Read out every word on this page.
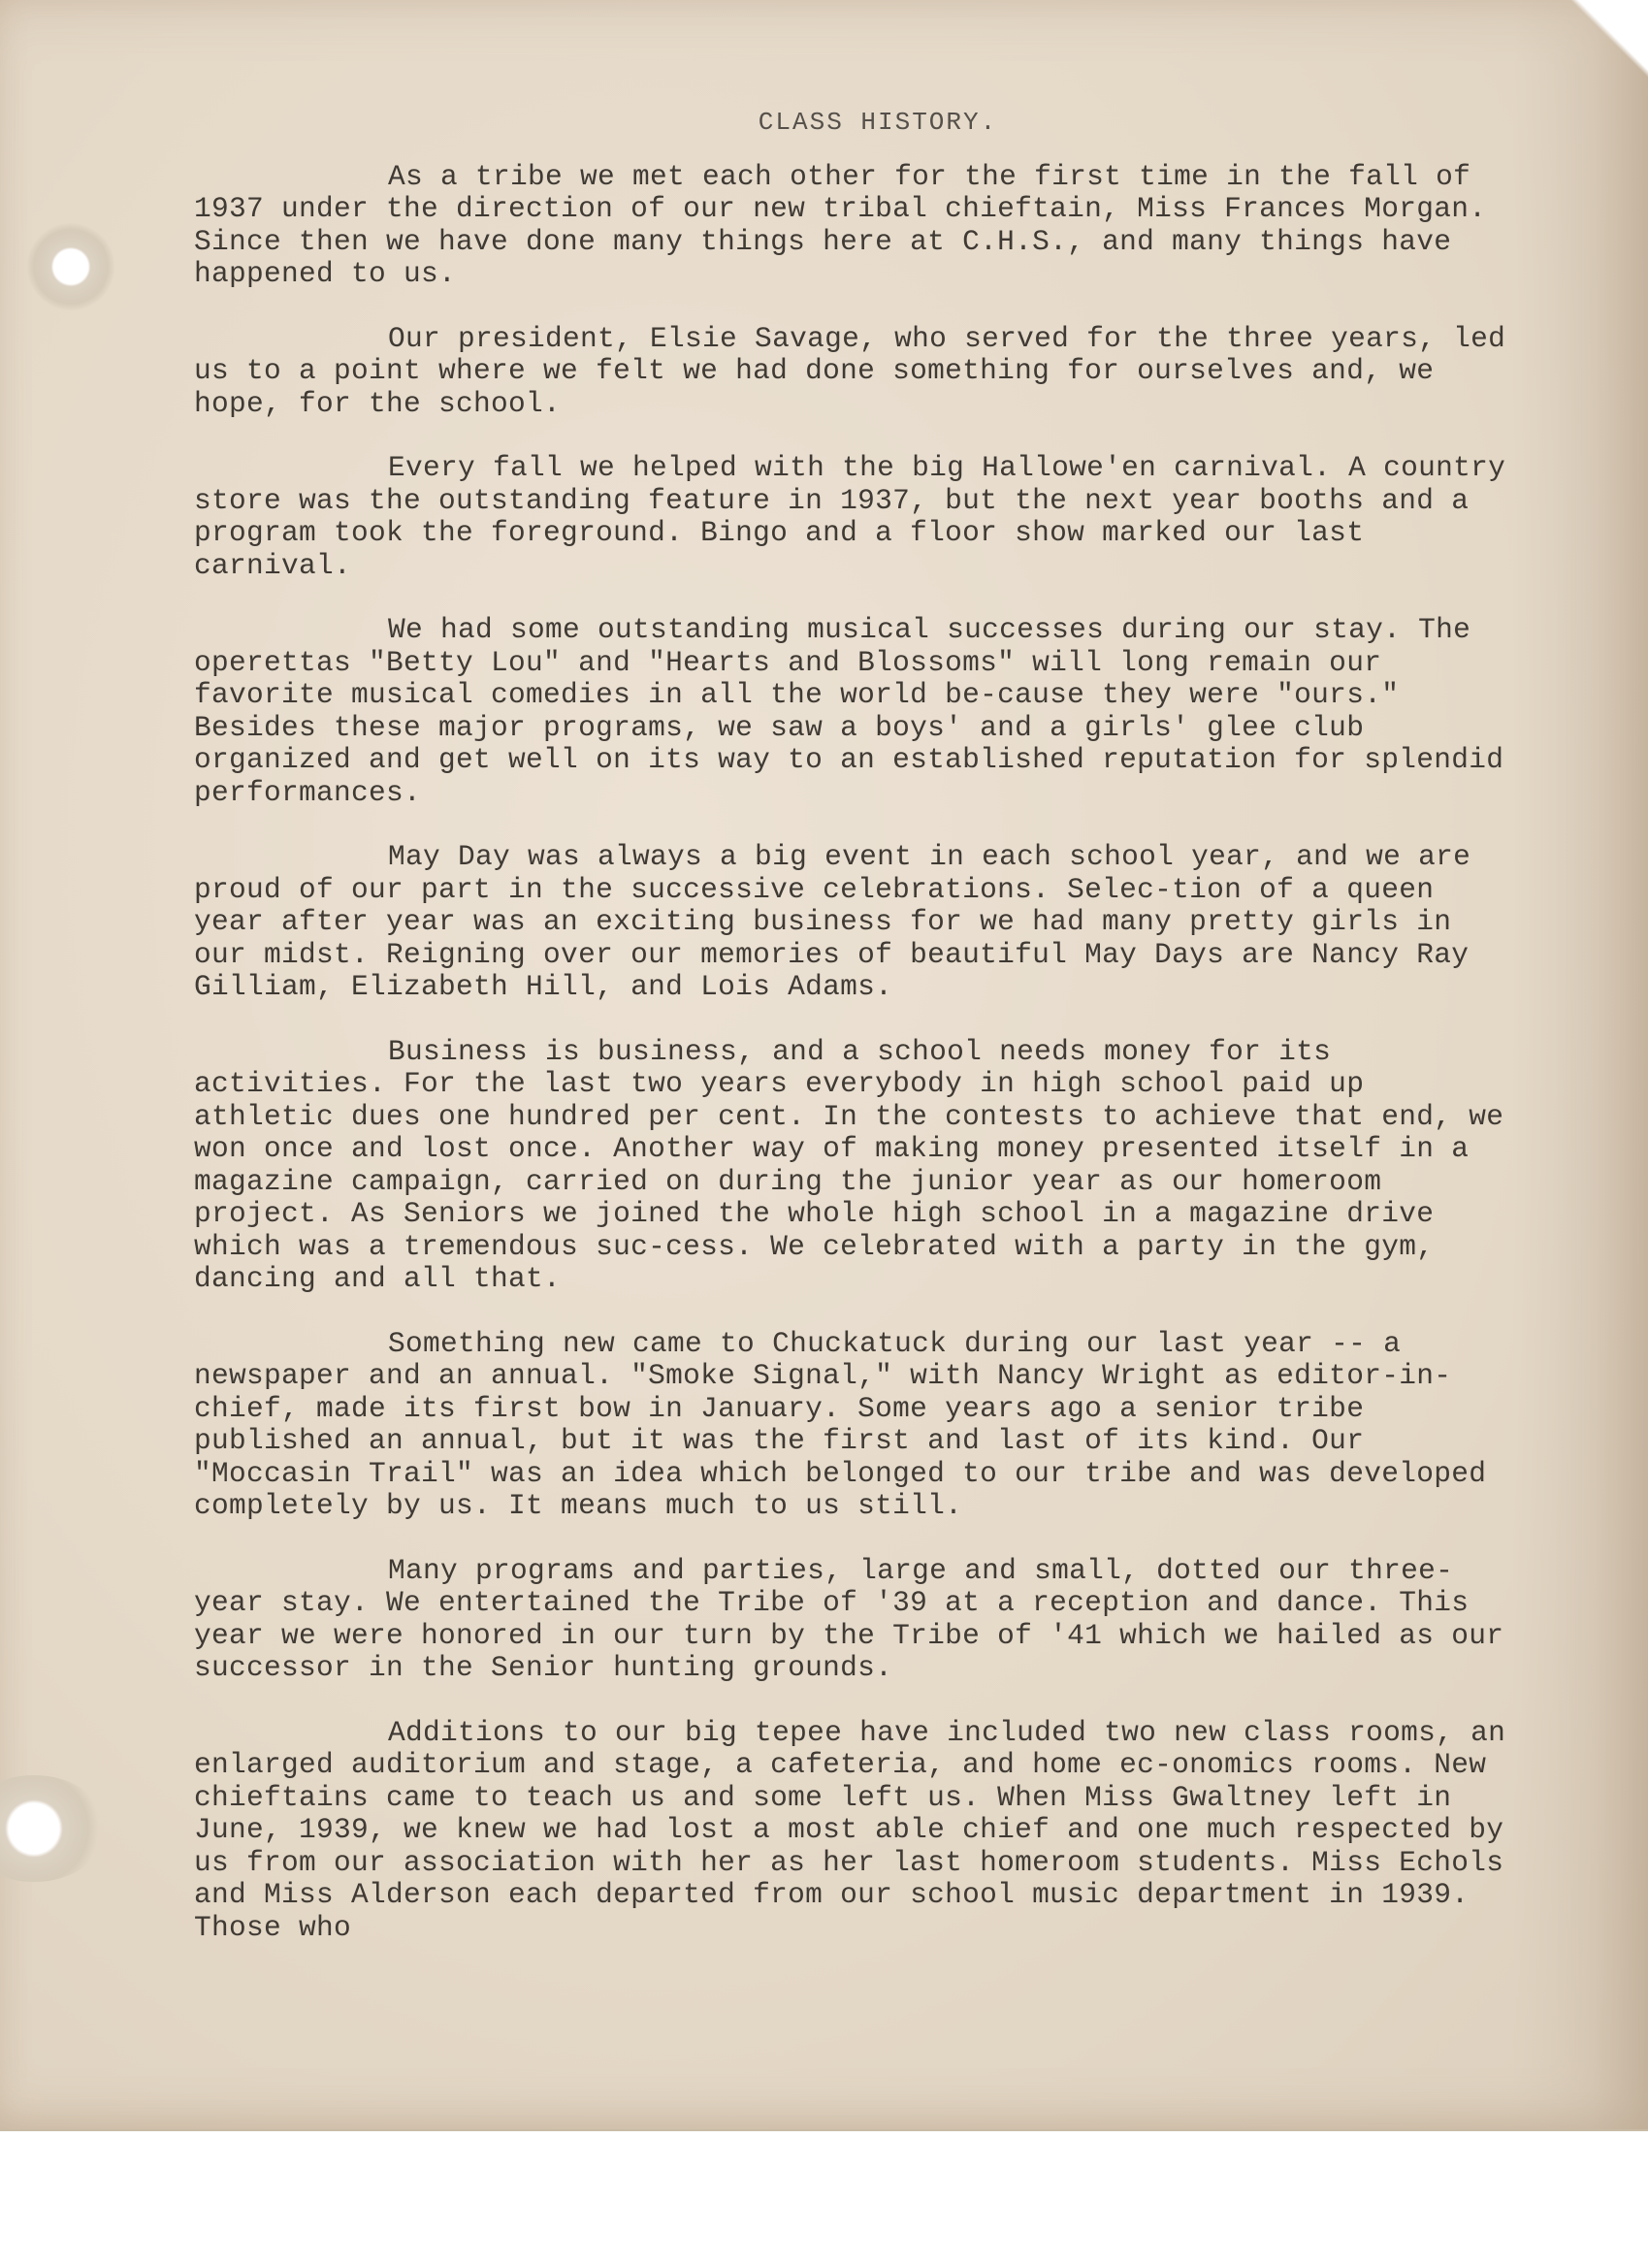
CLASS HISTORY.

As a tribe we met each other for the first time in the fall of 1937 under the direction of our new tribal chieftain, Miss Frances Morgan. Since then we have done many things here at C.H.S., and many things have happened to us.

Our president, Elsie Savage, who served for the three years, led us to a point where we felt we had done something for ourselves and, we hope, for the school.

Every fall we helped with the big Hallowe'en carnival. A country store was the outstanding feature in 1937, but the next year booths and a program took the foreground. Bingo and a floor show marked our last carnival.

We had some outstanding musical successes during our stay. The operettas "Betty Lou" and "Hearts and Blossoms" will long remain our favorite musical comedies in all the world be-cause they were "ours." Besides these major programs, we saw a boys' and a girls' glee club organized and get well on its way to an established reputation for splendid performances.

May Day was always a big event in each school year, and we are proud of our part in the successive celebrations. Selec-tion of a queen year after year was an exciting business for we had many pretty girls in our midst. Reigning over our memories of beautiful May Days are Nancy Ray Gilliam, Elizabeth Hill, and Lois Adams.

Business is business, and a school needs money for its activities. For the last two years everybody in high school paid up athletic dues one hundred per cent. In the contests to achieve that end, we won once and lost once. Another way of making money presented itself in a magazine campaign, carried on during the junior year as our homeroom project. As Seniors we joined the whole high school in a magazine drive which was a tremendous suc-cess. We celebrated with a party in the gym, dancing and all that.

Something new came to Chuckatuck during our last year -- a newspaper and an annual. "Smoke Signal," with Nancy Wright as editor-in-chief, made its first bow in January. Some years ago a senior tribe published an annual, but it was the first and last of its kind. Our "Moccasin Trail" was an idea which belonged to our tribe and was developed completely by us. It means much to us still.

Many programs and parties, large and small, dotted our three-year stay. We entertained the Tribe of '39 at a reception and dance. This year we were honored in our turn by the Tribe of '41 which we hailed as our successor in the Senior hunting grounds.

Additions to our big tepee have included two new class rooms, an enlarged auditorium and stage, a cafeteria, and home ec-onomics rooms. New chieftains came to teach us and some left us. When Miss Gwaltney left in June, 1939, we knew we had lost a most able chief and one much respected by us from our association with her as her last homeroom students. Miss Echols and Miss Alderson each departed from our school music department in 1939. Those who
